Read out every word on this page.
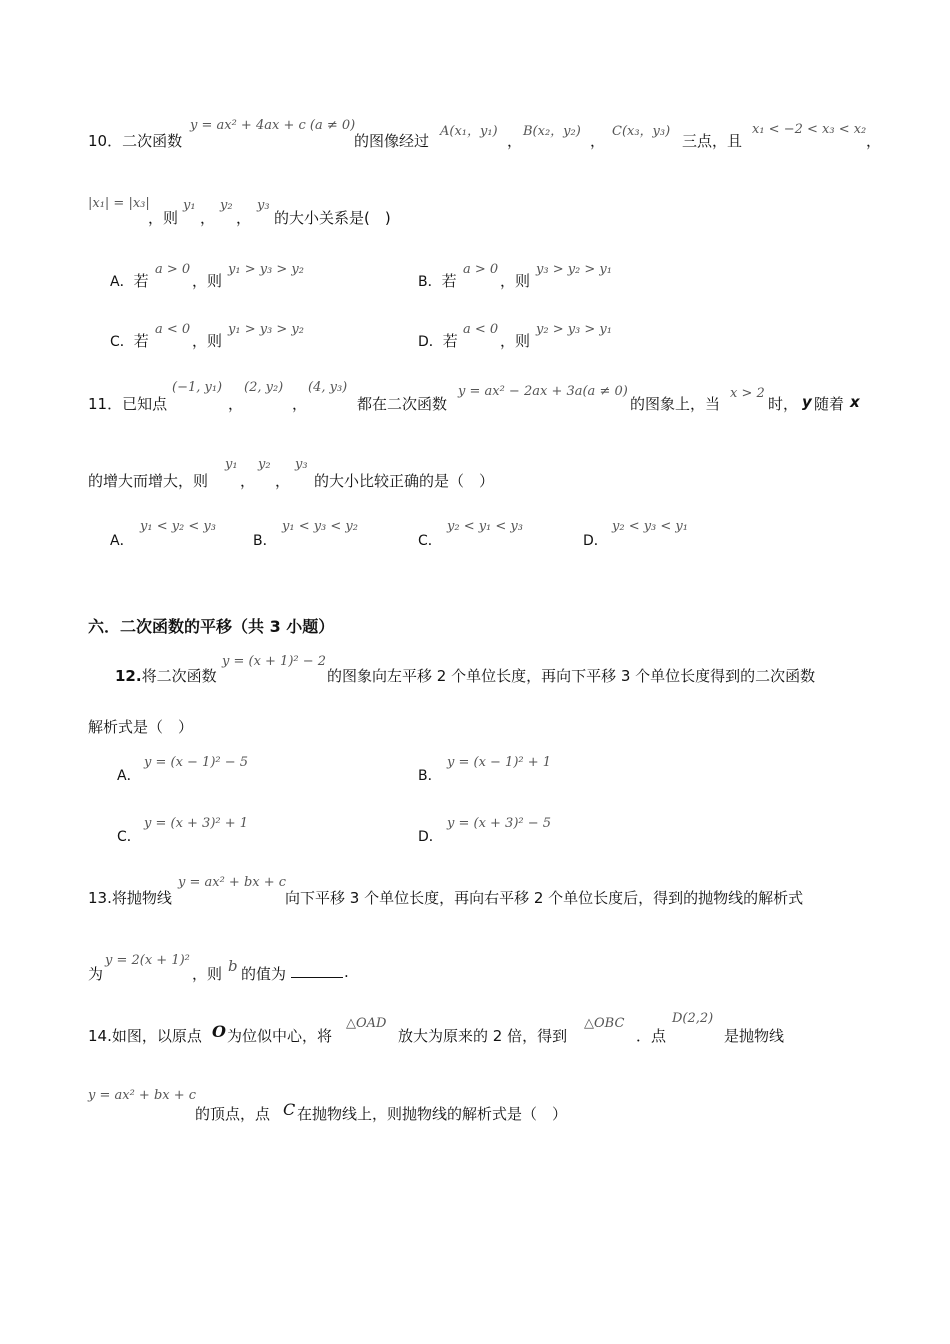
10．二次函数
y = ax² + 4ax + c (a ≠ 0)
的图像经过
A(x₁，y₁)
，
B(x₂，y₂)
，
C(x₃，y₃)
三点，且
x₁ < −2 < x₃ < x₂
，
|x₁| = |x₃|
，则
y₁
，
y₂
，
y₃
的大小关系是(　)
A．若
a > 0
，则
y₁ > y₃ > y₂
B．若
a > 0
，则
y₃ > y₂ > y₁
C．若
a < 0
，则
y₁ > y₃ > y₂
D．若
a < 0
，则
y₂ > y₃ > y₁
11．已知点
(−1, y₁)
，
(2, y₂)
，
(4, y₃)
都在二次函数
y = ax² − 2ax + 3a(a ≠ 0)
的图象上，当
x > 2
时， y 随着 x
的增大而增大，则
y₁
，
y₂
，
y₃
的大小比较正确的是（　）
A．
y₁ < y₂ < y₃
B．
y₁ < y₃ < y₂
C．
y₂ < y₁ < y₃
D．
y₂ < y₃ < y₁
六．二次函数的平移（共 3 小题）
12.将二次函数
y = (x + 1)² − 2
的图象向左平移 2 个单位长度，再向下平移 3 个单位长度得到的二次函数
解析式是（　）
A．
y = (x − 1)² − 5
B．
y = (x − 1)² + 1
C．
y = (x + 3)² + 1
D．
y = (x + 3)² − 5
13.将抛物线
y = ax² + bx + c
向下平移 3 个单位长度，再向右平移 2 个单位长度后，得到的抛物线的解析式
为
y = 2(x + 1)²
，则 b 的值为	.
14.如图，以原点 O 为位似中心，将
△OAD
放大为原来的 2 倍，得到
△OBC
．点
D(2,2)
是抛物线
y = ax² + bx + c
的顶点，点 C 在抛物线上，则抛物线的解析式是（　）
